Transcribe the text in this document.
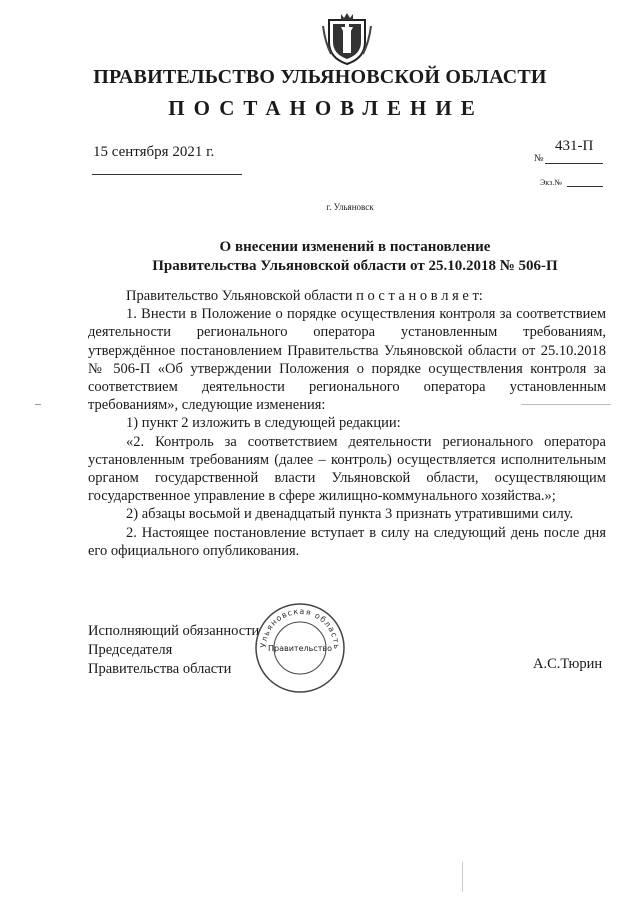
ПРАВИТЕЛЬСТВО УЛЬЯНОВСКОЙ ОБЛАСТИ
ПОСТАНОВЛЕНИЕ
15 сентября 2021 г.	431-П
№
Экз.№
г. Ульяновск
О внесении изменений в постановление
Правительства Ульяновской области от 25.10.2018 № 506-П

Правительство Ульяновской области п о с т а н о в л я е т:

1. Внести в Положение о порядке осуществления контроля за соответствием деятельности регионального оператора установленным требованиям, утверждённое постановлением Правительства Ульяновской области от 25.10.2018 № 506-П «Об утверждении Положения о порядке осуществления контроля за соответствием деятельности регионального оператора установленным требованиям», следующие изменения:

1) пункт 2 изложить в следующей редакции:

«2. Контроль за соответствием деятельности регионального оператора установленным требованиям (далее – контроль) осуществляется исполнительным органом государственной власти Ульяновской области, осуществляющим государственное управление в сфере жилищно-коммунального хозяйства.»;

2) абзацы восьмой и двенадцатый пункта 3 признать утратившими силу.

2. Настоящее постановление вступает в силу на следующий день после дня его официального опубликования.

Исполняющий обязанности
Председателя
Правительства области	А.С.Тюрин
Ульяновская область
Правительство
